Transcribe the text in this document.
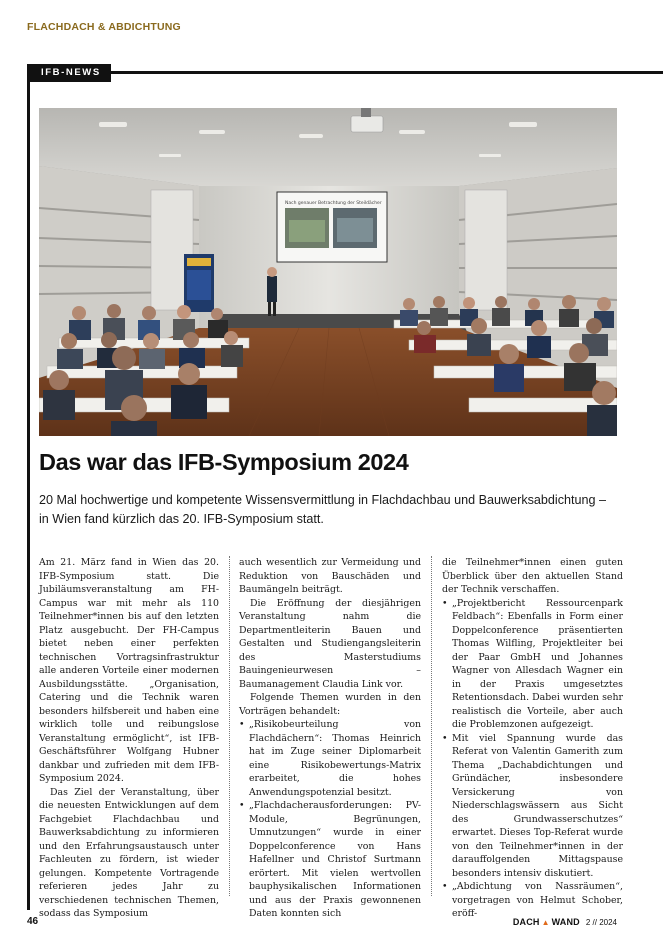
FLACHDACH & ABDICHTUNG
IFB-NEWS
Nach genauer Betrachtung der Steildächer
Das war das IFB-Symposium 2024

20 Mal hochwertige und kompetente Wissensvermittlung in Flachdachbau und Bauwerksabdichtung – in Wien fand kürzlich das 20. IFB-Symposium statt.

Am 21. März fand in Wien das 20. IFB-Symposium statt. Die Jubiläumsveranstaltung am FH-Campus war mit mehr als 110 Teilnehmer*innen bis auf den letzten Platz ausgebucht. Der FH-Campus bietet neben einer perfekten technischen Vortragsinfrastruktur alle anderen Vorteile einer modernen Ausbildungsstätte. „Organisation, Catering und die Technik waren besonders hilfsbereit und haben eine wirklich tolle und reibungslose Veranstaltung ermöglicht“, ist IFB-Geschäftsführer Wolfgang Hubner dankbar und zufrieden mit dem IFB-Symposium 2024.

Das Ziel der Veranstaltung, über die neuesten Entwicklungen auf dem Fachgebiet Flachdachbau und Bauwerksabdichtung zu informieren und den Erfahrungsaustausch unter Fachleuten zu fördern, ist wieder gelungen. Kompetente Vortragende referieren jedes Jahr zu verschiedenen technischen Themen, sodass das Symposium

auch wesentlich zur Vermeidung und Reduktion von Bauschäden und Baumängeln beiträgt.

Die Eröffnung der diesjährigen Veranstaltung nahm die Departmentleiterin Bauen und Gestalten und Studiengangsleiterin des Masterstudiums Bauingenieurwesen – Baumanagement Claudia Link vor.

Folgende Themen wurden in den Vorträgen behandelt:

• „Risikobeurteilung von Flachdächern“: Thomas Heinrich hat im Zuge seiner Diplomarbeit eine Risikobewertungs-Matrix erarbeitet, die hohes Anwendungspotenzial besitzt.
• „Flachdacherausforderungen: PV-Module, Begrünungen, Umnutzungen“ wurde in einer Doppelconference von Hans Hafellner und Christof Surtmann erörtert. Mit vielen wertvollen bauphysikalischen Informationen und aus der Praxis gewonnenen Daten konnten sich

die Teilnehmer*innen einen guten Überblick über den aktuellen Stand der Technik verschaffen.

• „Projektbericht Ressourcenpark Feldbach“: Ebenfalls in Form einer Doppelconference präsentierten Thomas Wilfling, Projektleiter bei der Paar GmbH und Johannes Wagner von Allesdach Wagner ein in der Praxis umgesetztes Retentionsdach. Dabei wurden sehr realistisch die Vorteile, aber auch die Problemzonen aufgezeigt.
• Mit viel Spannung wurde das Referat von Valentin Gamerith zum Thema „Dachabdichtungen und Gründächer, insbesondere Versickerung von Niederschlagswässern aus Sicht des Grundwasserschutzes“ erwartet. Dieses Top-Referat wurde von den Teilnehmer*innen in der darauffolgenden Mittagspause besonders intensiv diskutiert.
• „Abdichtung von Nassräumen“, vorgetragen von Helmut Schober, eröff-
46	DACH ▲ WAND 2 // 2024
